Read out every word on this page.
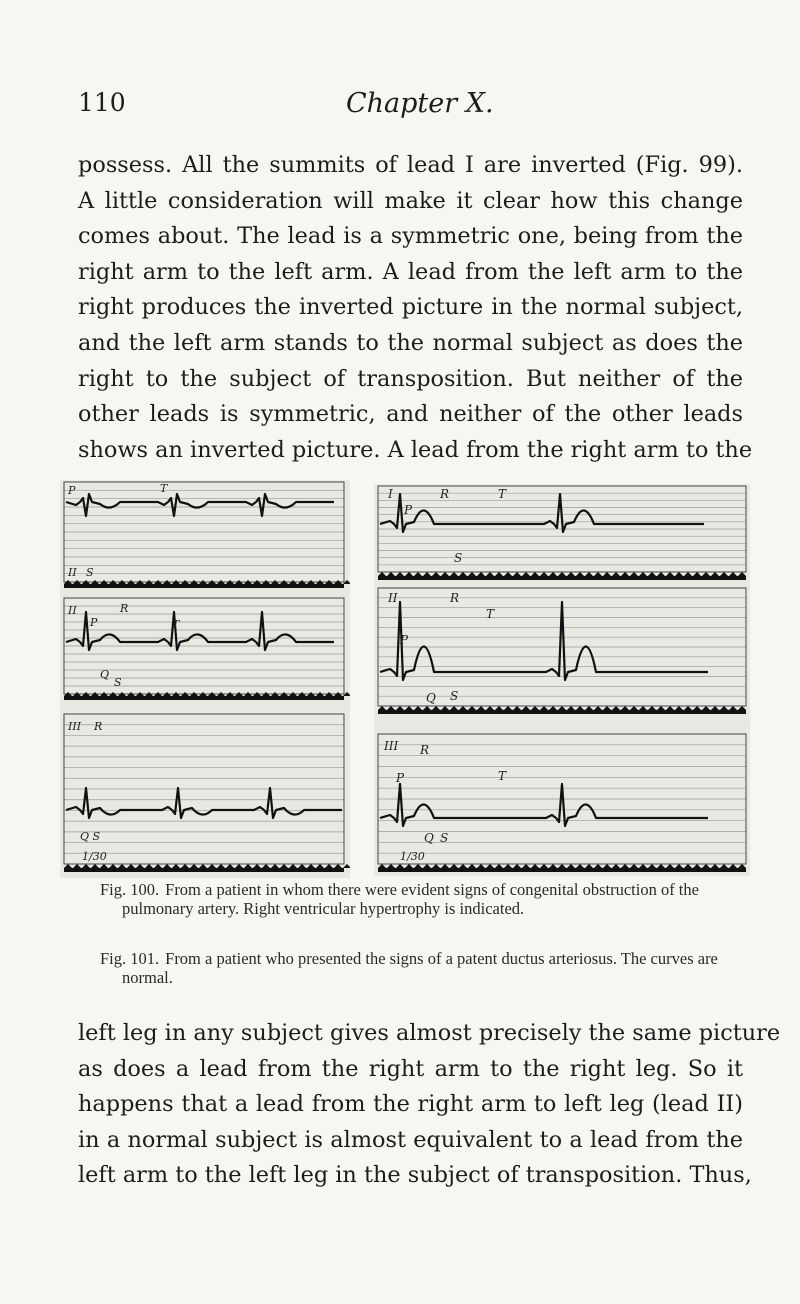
110	Chapter X.
possess. All the summits of lead I are inverted (Fig. 99).
A little consideration will make it clear how this change
comes about. The lead is a symmetric one, being from the
right arm to the left arm. A lead from the left arm to the
right produces the inverted picture in the normal subject,
and the left arm stands to the normal subject as does the
right to the subject of transposition. But neither of the
other leads is symmetric, and neither of the other leads
shows an inverted picture. A lead from the right arm to the
P	T
II S
II	R
P	T
Q
S
III R
Q S
1/30
I	R	T
P
S
II	R
T
P
Q S
III R
P	T
Q S
1/30
Fig. 100. From a patient in whom there were evident signs of congenital obstruction of the pulmonary artery. Right ventricular hypertrophy is indicated.
Fig. 101. From a patient who presented the signs of a patent ductus arteriosus. The curves are normal.
left leg in any subject gives almost precisely the same picture
as does a lead from the right arm to the right leg. So it
happens that a lead from the right arm to left leg (lead II)
in a normal subject is almost equivalent to a lead from the
left arm to the left leg in the subject of transposition. Thus,
